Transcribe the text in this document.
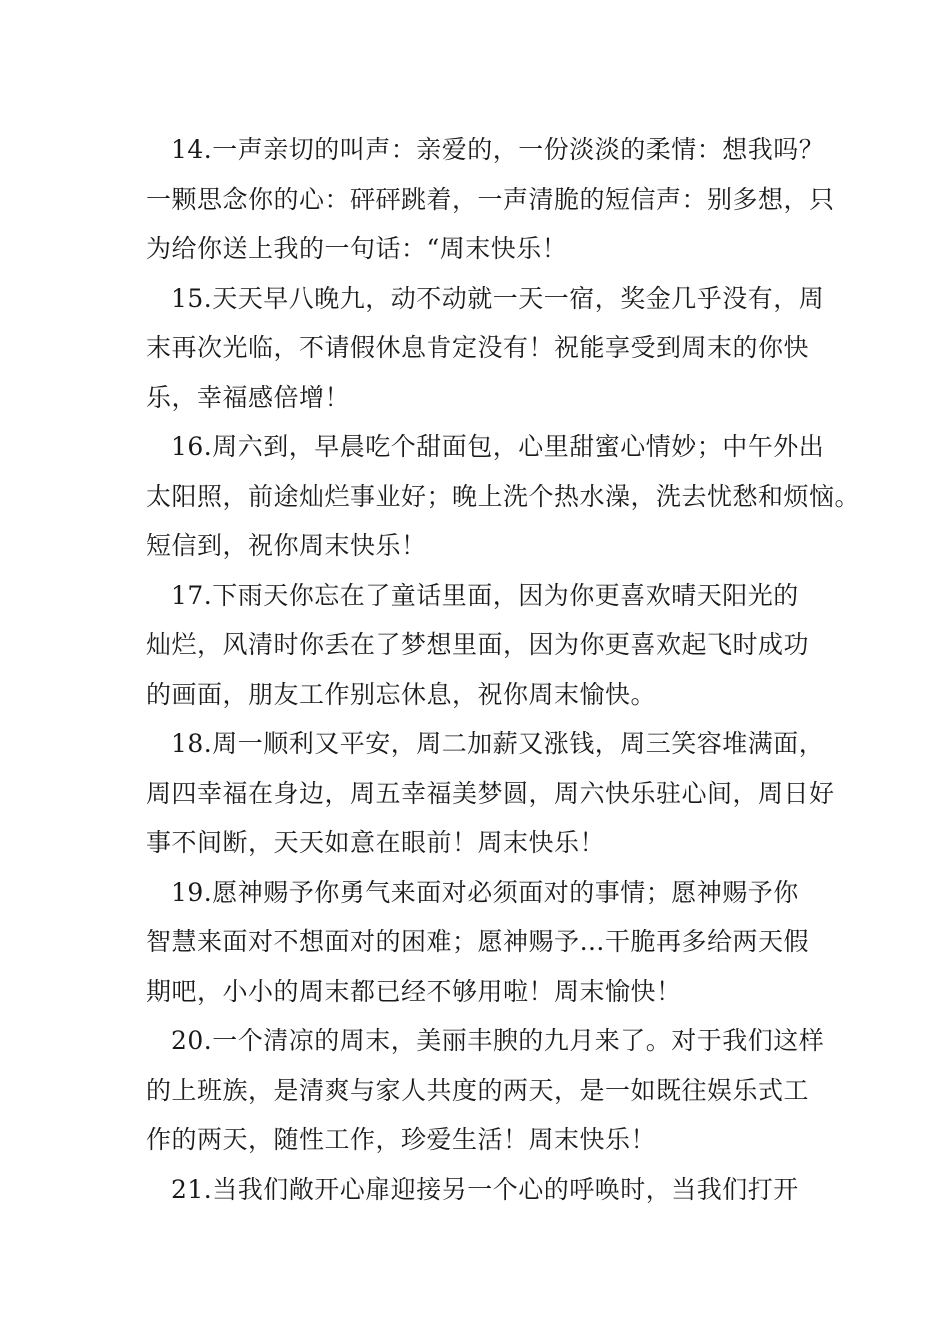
14.一声亲切的叫声：亲爱的，一份淡淡的柔情：想我吗？
一颗思念你的心：砰砰跳着，一声清脆的短信声：别多想，只
为给你送上我的一句话：“周末快乐！

15.天天早八晚九，动不动就一天一宿，奖金几乎没有，周
末再次光临，不请假休息肯定没有！祝能享受到周末的你快
乐，幸福感倍增！

16.周六到，早晨吃个甜面包，心里甜蜜心情妙；中午外出
太阳照，前途灿烂事业好；晚上洗个热水澡，洗去忧愁和烦恼。
短信到，祝你周末快乐！

17.下雨天你忘在了童话里面，因为你更喜欢晴天阳光的
灿烂，风清时你丢在了梦想里面，因为你更喜欢起飞时成功
的画面，朋友工作别忘休息，祝你周末愉快。

18.周一顺利又平安，周二加薪又涨钱，周三笑容堆满面，
周四幸福在身边，周五幸福美梦圆，周六快乐驻心间，周日好
事不间断，天天如意在眼前！周末快乐！

19.愿神赐予你勇气来面对必须面对的事情；愿神赐予你
智慧来面对不想面对的困难；愿神赐予…干脆再多给两天假
期吧，小小的周末都已经不够用啦！周末愉快！

20.一个清凉的周末，美丽丰腴的九月来了。对于我们这样
的上班族，是清爽与家人共度的两天，是一如既往娱乐式工
作的两天，随性工作，珍爱生活！周末快乐！

21.当我们敞开心扉迎接另一个心的呼唤时，当我们打开
